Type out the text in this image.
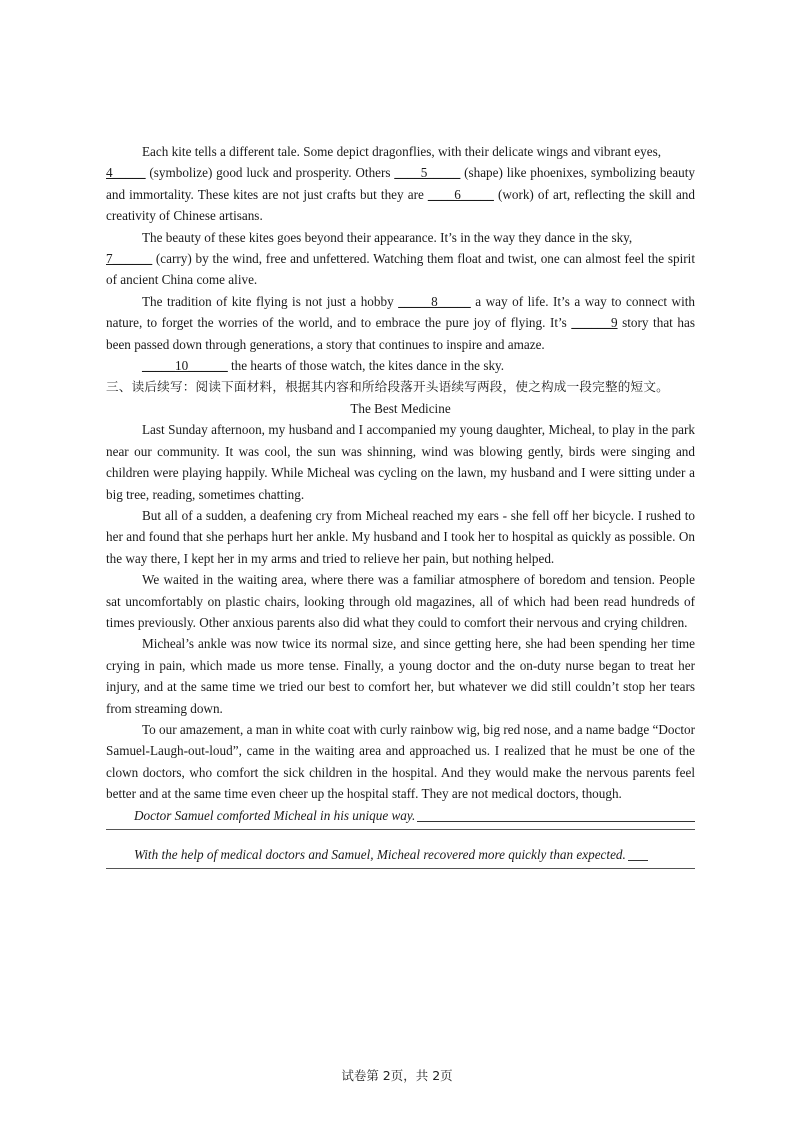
Each kite tells a different tale. Some depict dragonflies, with their delicate wings and vibrant eyes,
4_____ (symbolize) good luck and prosperity. Others ____5_____ (shape) like phoenixes, symbolizing beauty and immortality. These kites are not just crafts but they are ____6_____ (work) of art, reflecting the skill and creativity of Chinese artisans.

The beauty of these kites goes beyond their appearance. It’s in the way they dance in the sky,
7______ (carry) by the wind, free and unfettered. Watching them float and twist, one can almost feel the spirit of ancient China come alive.

The tradition of kite flying is not just a hobby _____8_____ a way of life. It’s a way to connect with nature, to forget the worries of the world, and to embrace the pure joy of flying. It’s ______9 story that has been passed down through generations, a story that continues to inspire and amaze.

_____10______ the hearts of those watch, the kites dance in the sky.

三、读后续写：阅读下面材料，根据其内容和所给段落开头语续写两段，使之构成一段完整的短文。

The Best Medicine

Last Sunday afternoon, my husband and I accompanied my young daughter, Micheal, to play in the park near our community. It was cool, the sun was shinning, wind was blowing gently, birds were singing and children were playing happily. While Micheal was cycling on the lawn, my husband and I were sitting under a big tree, reading, sometimes chatting.

But all of a sudden, a deafening cry from Micheal reached my ears - she fell off her bicycle. I rushed to her and found that she perhaps hurt her ankle. My husband and I took her to hospital as quickly as possible. On the way there, I kept her in my arms and tried to relieve her pain, but nothing helped.

We waited in the waiting area, where there was a familiar atmosphere of boredom and tension. People sat uncomfortably on plastic chairs, looking through old magazines, all of which had been read hundreds of times previously. Other anxious parents also did what they could to comfort their nervous and crying children.

Micheal’s ankle was now twice its normal size, and since getting here, she had been spending her time crying in pain, which made us more tense. Finally, a young doctor and the on-duty nurse began to treat her injury, and at the same time we tried our best to comfort her, but whatever we did still couldn’t stop her tears from streaming down.

To our amazement, a man in white coat with curly rainbow wig, big red nose, and a name badge “Doctor Samuel-Laugh-out-loud”, came in the waiting area and approached us. I realized that he must be one of the clown doctors, who comfort the sick children in the hospital. And they would make the nervous parents feel better and at the same time even cheer up the hospital staff. They are not medical doctors, though.

Doctor Samuel comforted Micheal in his unique way.
With the help of medical doctors and Samuel, Micheal recovered more quickly than expected.
试卷第 2页，共 2页
